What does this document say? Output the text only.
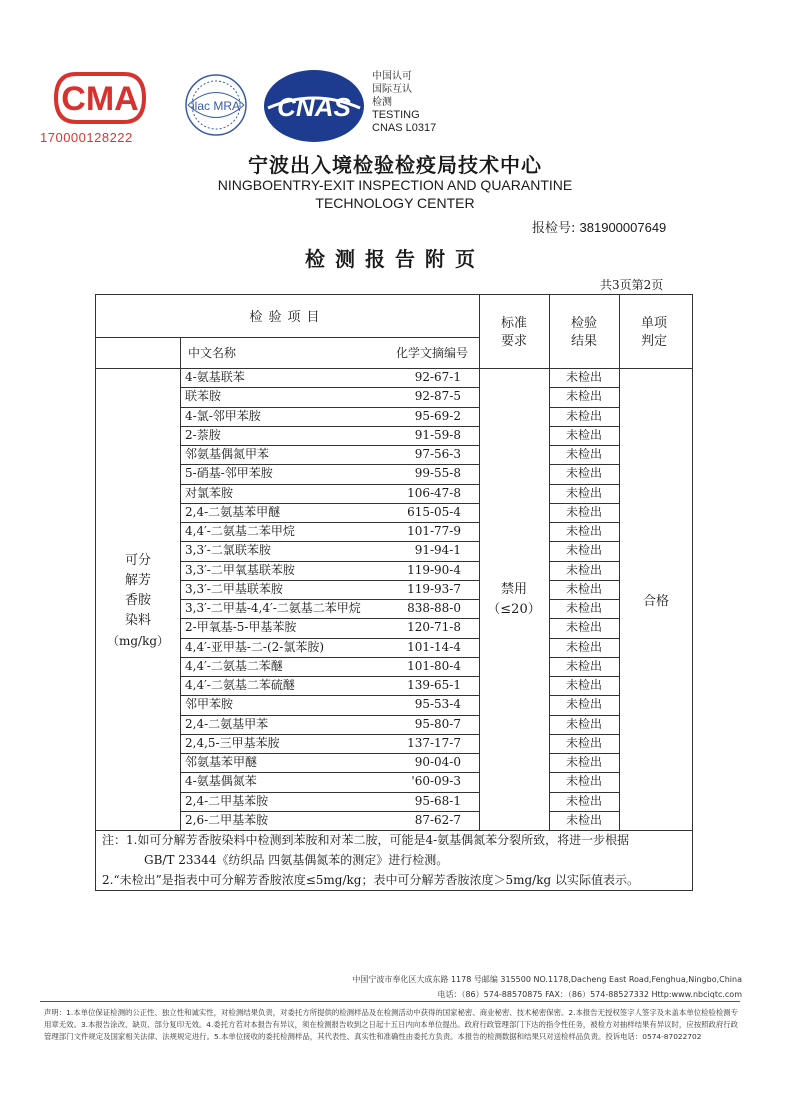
CMA
170000128222
ilac MRA CNAS
中国认可
国际互认
检测
TESTING
CNAS L0317
宁波出入境检验检疫局技术中心
NINGBOENTRY-EXIT INSPECTION AND QUARANTINE
TECHNOLOGY CENTER
报检号: 381900007649
检测报告附页
共3页第2页
检验项目
中文名称	化学文摘编号
标准要求
检验结果
单项判定
可分
解芳
香胺
染料
（mg/kg）
禁用
（≤20）
合格
4-氨基联苯	92-67-1	未检出
联苯胺	92-87-5	未检出
4-氯-邻甲苯胺	95-69-2	未检出
2-萘胺	91-59-8	未检出
邻氨基偶氮甲苯	97-56-3	未检出
5-硝基-邻甲苯胺	99-55-8	未检出
对氯苯胺	106-47-8	未检出
2,4-二氨基苯甲醚	615-05-4	未检出
4,4′-二氨基二苯甲烷	101-77-9	未检出
3,3′-二氯联苯胺	91-94-1	未检出
3,3′-二甲氧基联苯胺	119-90-4	未检出
3,3′-二甲基联苯胺	119-93-7	未检出
3,3′-二甲基-4,4′-二氨基二苯甲烷	838-88-0	未检出
2-甲氧基-5-甲基苯胺	120-71-8	未检出
4,4′-亚甲基-二-(2-氯苯胺)	101-14-4	未检出
4,4′-二氨基二苯醚	101-80-4	未检出
4,4′-二氨基二苯硫醚	139-65-1	未检出
邻甲苯胺	95-53-4	未检出
2,4-二氨基甲苯	95-80-7	未检出
2,4,5-三甲基苯胺	137-17-7	未检出
邻氨基苯甲醚	90-04-0	未检出
4-氨基偶氮苯	'60-09-3	未检出
2,4-二甲基苯胺	95-68-1	未检出
2,6-二甲基苯胺	87-62-7	未检出
注：1.如可分解芳香胺染料中检测到苯胺和对苯二胺，可能是4-氨基偶氮苯分裂所致，将进一步根据
GB/T 23344《纺织品 四氨基偶氮苯的测定》进行检测。
2.“未检出”是指表中可分解芳香胺浓度≤5mg/kg；表中可分解芳香胺浓度＞5mg/kg 以实际值表示。
中国宁波市奉化区大成东路 1178 号邮编 315500 NO.1178,Dacheng East Road,Fenghua,Ningbo,China
电话：（86）574-88570875 FAX：（86）574-88527332 Http:www.nbciqtc.com
声明：1.本单位保证检测的公正性、独立性和诚实性，对检测结果负责，对委托方所提供的检测样品及在检测活动中获得的国家秘密、商业秘密、技术秘密保密。2.本报告无授权签字人签字及未盖本单位检验检测专用章无效。3.本报告涂改、缺页、部分复印无效。4.委托方若对本报告有异议，须在检测报告收到之日起十五日内向本单位提出。政府行政管理部门下达的指令性任务，被检方对抽样结果有异议时，应按照政府行政管理部门文件规定及国家相关法律、法规规定进行。5.本单位接收的委托检测样品，其代表性、真实性和准确性由委托方负责。本报告的检测数据和结果只对送检样品负责。投诉电话：0574-87022702
